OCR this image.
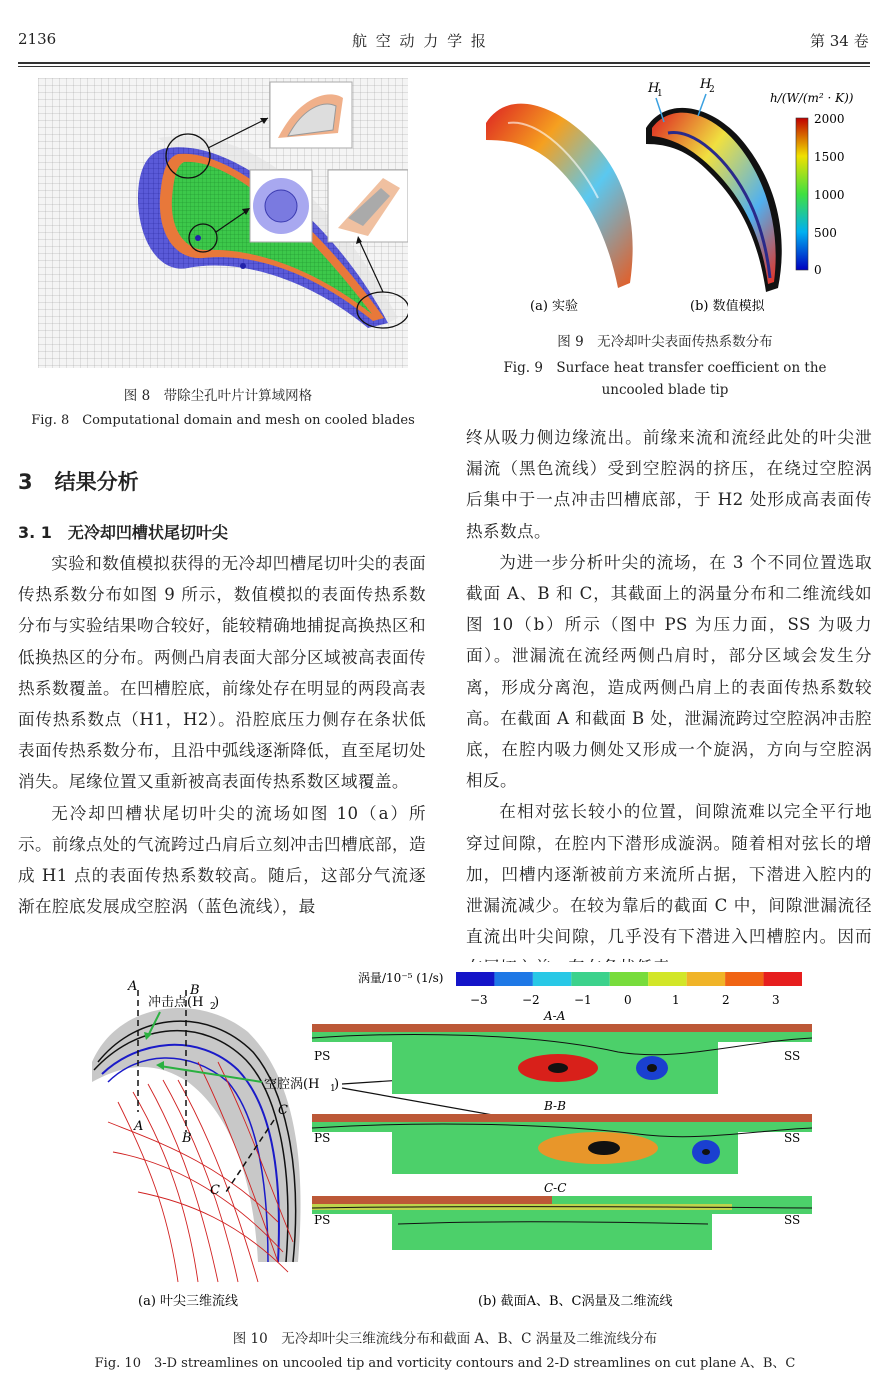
2136	航 空 动 力 学 报	第 34 卷
图 8　带除尘孔叶片计算域网格
Fig. 8　Computational domain and mesh on cooled blades
H
1
H
2
h/(W/(m² · K))
2000
1500
1000
500
0
(a) 实验	(b) 数值模拟
图 9　无冷却叶尖表面传热系数分布
Fig. 9　Surface heat transfer coefficient on the
uncooled blade tip
3 结果分析
3. 1 无冷却凹槽状尾切叶尖

实验和数值模拟获得的无冷却凹槽尾切叶尖的表面传热系数分布如图 9 所示，数值模拟的表面传热系数分布与实验结果吻合较好，能较精确地捕捉高换热区和低换热区的分布。两侧凸肩表面大部分区域被高表面传热系数覆盖。在凹槽腔底，前缘处存在明显的两段高表面传热系数点（H1，H2）。沿腔底压力侧存在条状低表面传热系数分布，且沿中弧线逐渐降低，直至尾切处消失。尾缘位置又重新被高表面传热系数区域覆盖。

无冷却凹槽状尾切叶尖的流场如图 10（a）所示。前缘点处的气流跨过凸肩后立刻冲击凹槽底部，造成 H1 点的表面传热系数较高。随后，这部分气流逐渐在腔底发展成空腔涡（蓝色流线），最

终从吸力侧边缘流出。前缘来流和流经此处的叶尖泄漏流（黑色流线）受到空腔涡的挤压，在绕过空腔涡后集中于一点冲击凹槽底部，于 H2 处形成高表面传热系数点。

为进一步分析叶尖的流场，在 3 个不同位置选取截面 A、B 和 C，其截面上的涡量分布和二维流线如图 10（b）所示（图中 PS 为压力面，SS 为吸力面）。泄漏流在流经两侧凸肩时，部分区域会发生分离，形成分离泡，造成两侧凸肩上的表面传热系数较高。在截面 A 和截面 B 处，泄漏流跨过空腔涡冲击腔底，在腔内吸力侧处又形成一个旋涡，方向与空腔涡相反。

在相对弦长较小的位置，间隙流难以完全平行地穿过间隙，在腔内下潜形成漩涡。随着相对弦长的增加，凹槽内逐渐被前方来流所占据，下潜进入腔内的泄漏流减少。在较为靠后的截面 C 中，间隙泄漏流径直流出叶尖间隙，几乎没有下潜进入凹槽腔内。因而

A	B
A
B
C
C
冲击点(H 2
)
空腔涡(H 1
)
涡量/10⁻⁵ (1/s)
−3	−2	−1	0	1	2	3
A-A
PS	SS
B-B
PS	SS
C-C
PS	SS
(a) 叶尖三维流线	(b) 截面A、B、C涡量及二维流线
图 10　无冷却叶尖三维流线分布和截面 A、B、C 涡量及二维流线分布
Fig. 10　3-D streamlines on uncooled tip and vorticity contours and 2-D streamlines on cut plane A、B、C
